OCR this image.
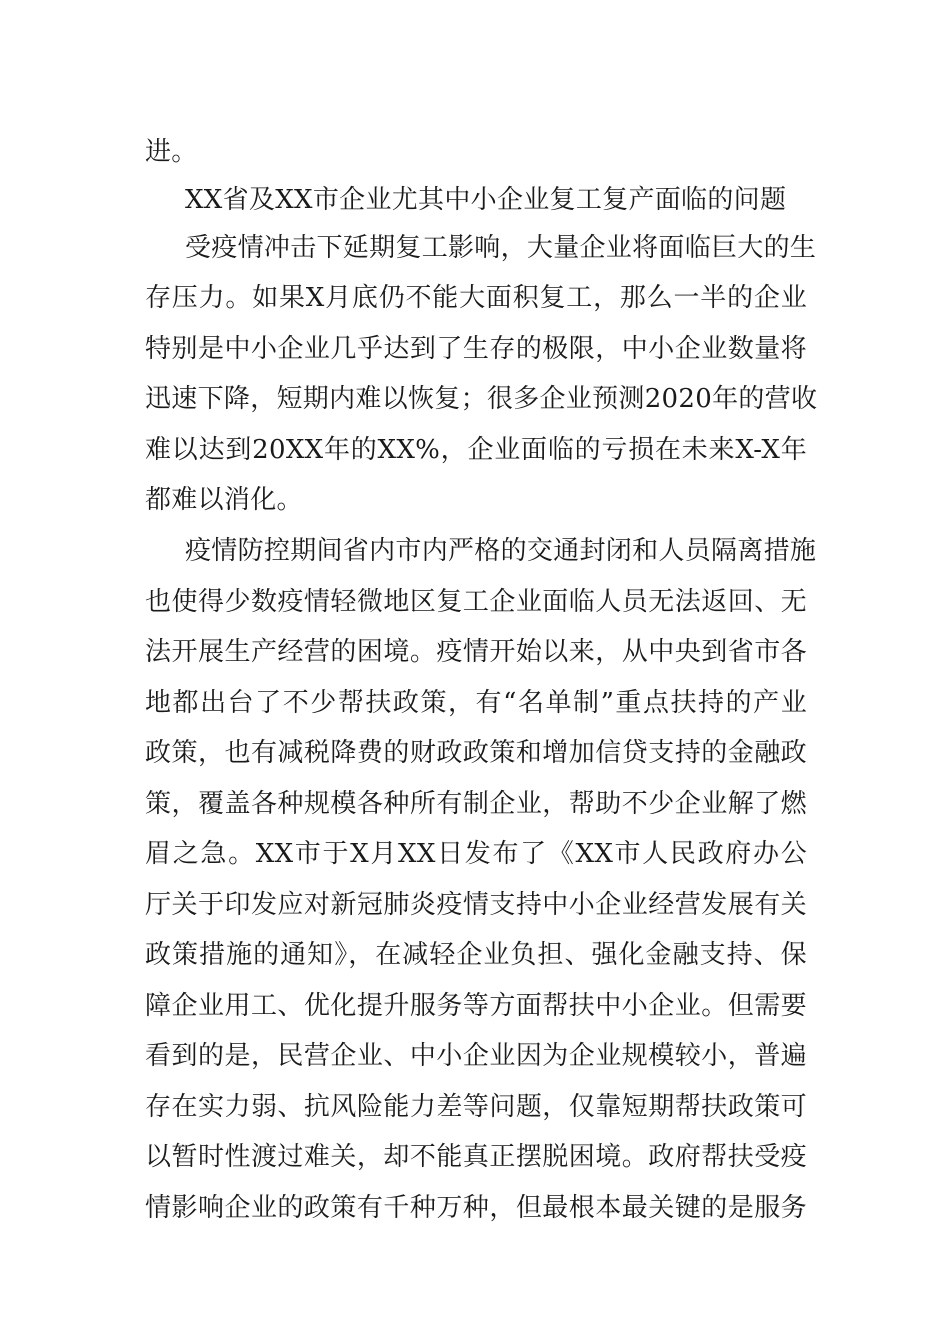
进。
XX省及XX市企业尤其中小企业复工复产面临的问题
受疫情冲击下延期复工影响，大量企业将面临巨大的生
存压力。如果X月底仍不能大面积复工，那么一半的企业
特别是中小企业几乎达到了生存的极限，中小企业数量将
迅速下降，短期内难以恢复；很多企业预测2020年的营收
难以达到20XX年的XX%，企业面临的亏损在未来X-X年
都难以消化。
疫情防控期间省内市内严格的交通封闭和人员隔离措施
也使得少数疫情轻微地区复工企业面临人员无法返回、无
法开展生产经营的困境。疫情开始以来，从中央到省市各
地都出台了不少帮扶政策，有“名单制”重点扶持的产业
政策，也有减税降费的财政政策和增加信贷支持的金融政
策，覆盖各种规模各种所有制企业，帮助不少企业解了燃
眉之急。XX市于X月XX日发布了《XX市人民政府办公
厅关于印发应对新冠肺炎疫情支持中小企业经营发展有关
政策措施的通知》，在减轻企业负担、强化金融支持、保
障企业用工、优化提升服务等方面帮扶中小企业。但需要
看到的是，民营企业、中小企业因为企业规模较小，普遍
存在实力弱、抗风险能力差等问题，仅靠短期帮扶政策可
以暂时性渡过难关，却不能真正摆脱困境。政府帮扶受疫
情影响企业的政策有千种万种，但最根本最关键的是服务
